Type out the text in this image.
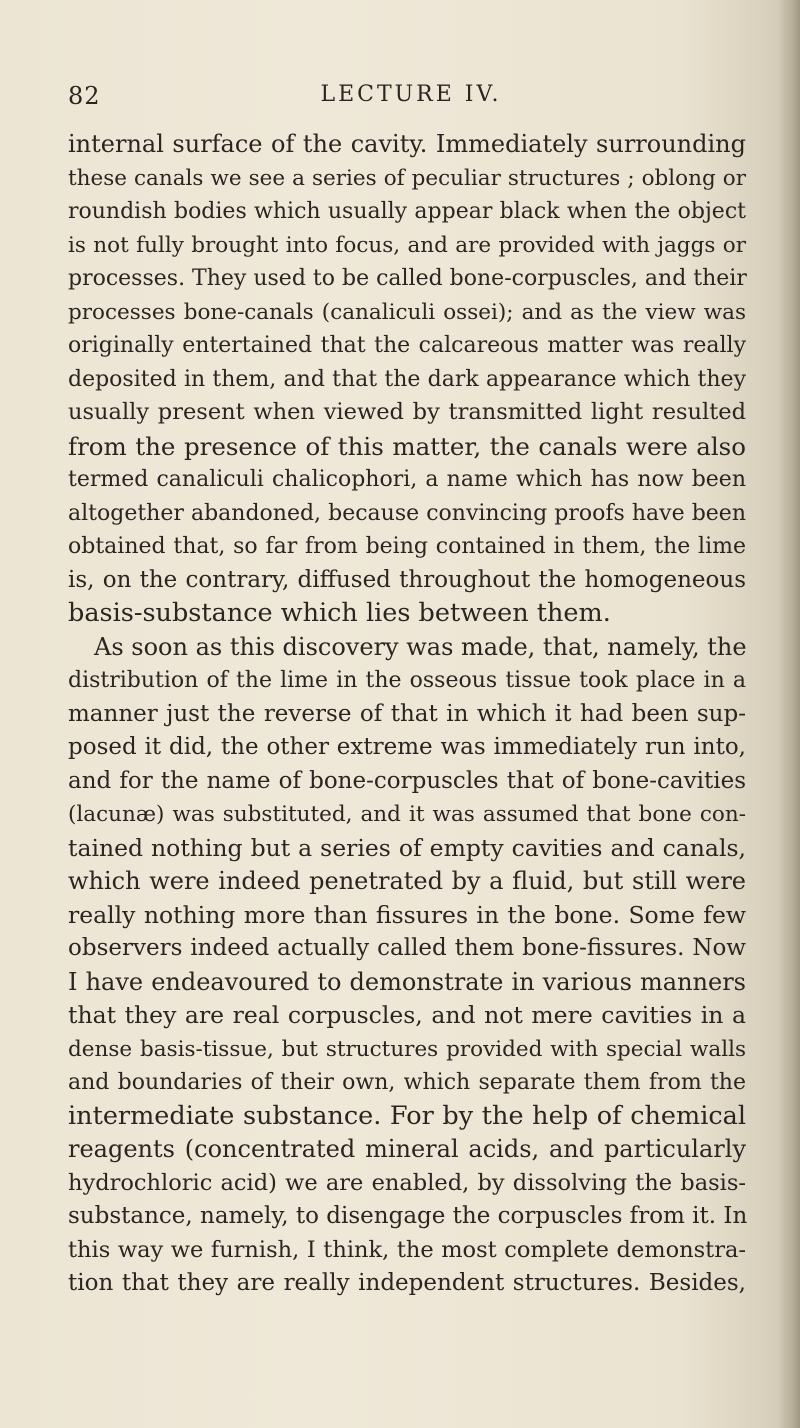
82	LECTURE IV.
internal surface of the cavity. Immediately surrounding
these canals we see a series of peculiar structures ; oblong or
roundish bodies which usually appear black when the object
is not fully brought into focus, and are provided with jaggs or
processes. They used to be called bone-corpuscles, and their
processes bone-canals (canaliculi ossei); and as the view was
originally entertained that the calcareous matter was really
deposited in them, and that the dark appearance which they
usually present when viewed by transmitted light resulted
from the presence of this matter, the canals were also
termed canaliculi chalicophori, a name which has now been
altogether abandoned, because convincing proofs have been
obtained that, so far from being contained in them, the lime
is, on the contrary, diffused throughout the homogeneous
basis-substance which lies between them.
As soon as this discovery was made, that, namely, the
distribution of the lime in the osseous tissue took place in a
manner just the reverse of that in which it had been sup-
posed it did, the other extreme was immediately run into,
and for the name of bone-corpuscles that of bone-cavities
(lacunæ) was substituted, and it was assumed that bone con-
tained nothing but a series of empty cavities and canals,
which were indeed penetrated by a fluid, but still were
really nothing more than fissures in the bone. Some few
observers indeed actually called them bone-fissures. Now
I have endeavoured to demonstrate in various manners
that they are real corpuscles, and not mere cavities in a
dense basis-tissue, but structures provided with special walls
and boundaries of their own, which separate them from the
intermediate substance. For by the help of chemical
reagents (concentrated mineral acids, and particularly
hydrochloric acid) we are enabled, by dissolving the basis-
substance, namely, to disengage the corpuscles from it. In
this way we furnish, I think, the most complete demonstra-
tion that they are really independent structures. Besides,
